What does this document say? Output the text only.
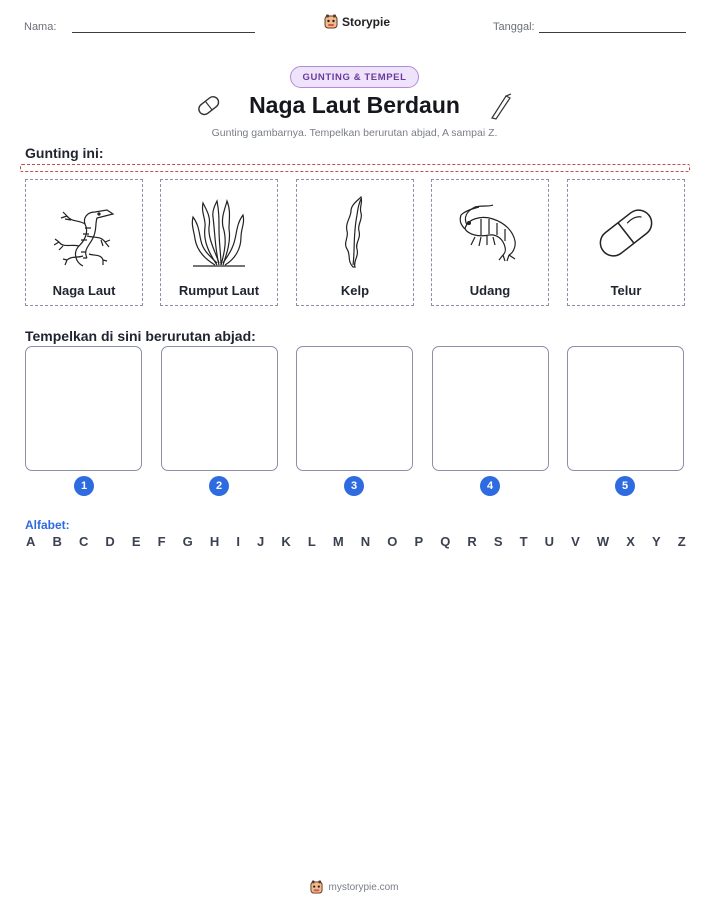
Nama:	Storypie	Tanggal:
GUNTING & TEMPEL
Naga Laut Berdaun
Gunting gambarnya. Tempelkan berurutan abjad, A sampai Z.
Gunting ini:
Naga Laut	Rumput Laut	Kelp	Udang	Telur
Tempelkan di sini berurutan abjad:
1	2	3	4	5
Alfabet:
A B C D E F G H I J K L M N O P Q R S T U V W X Y Z
mystorypie.com
